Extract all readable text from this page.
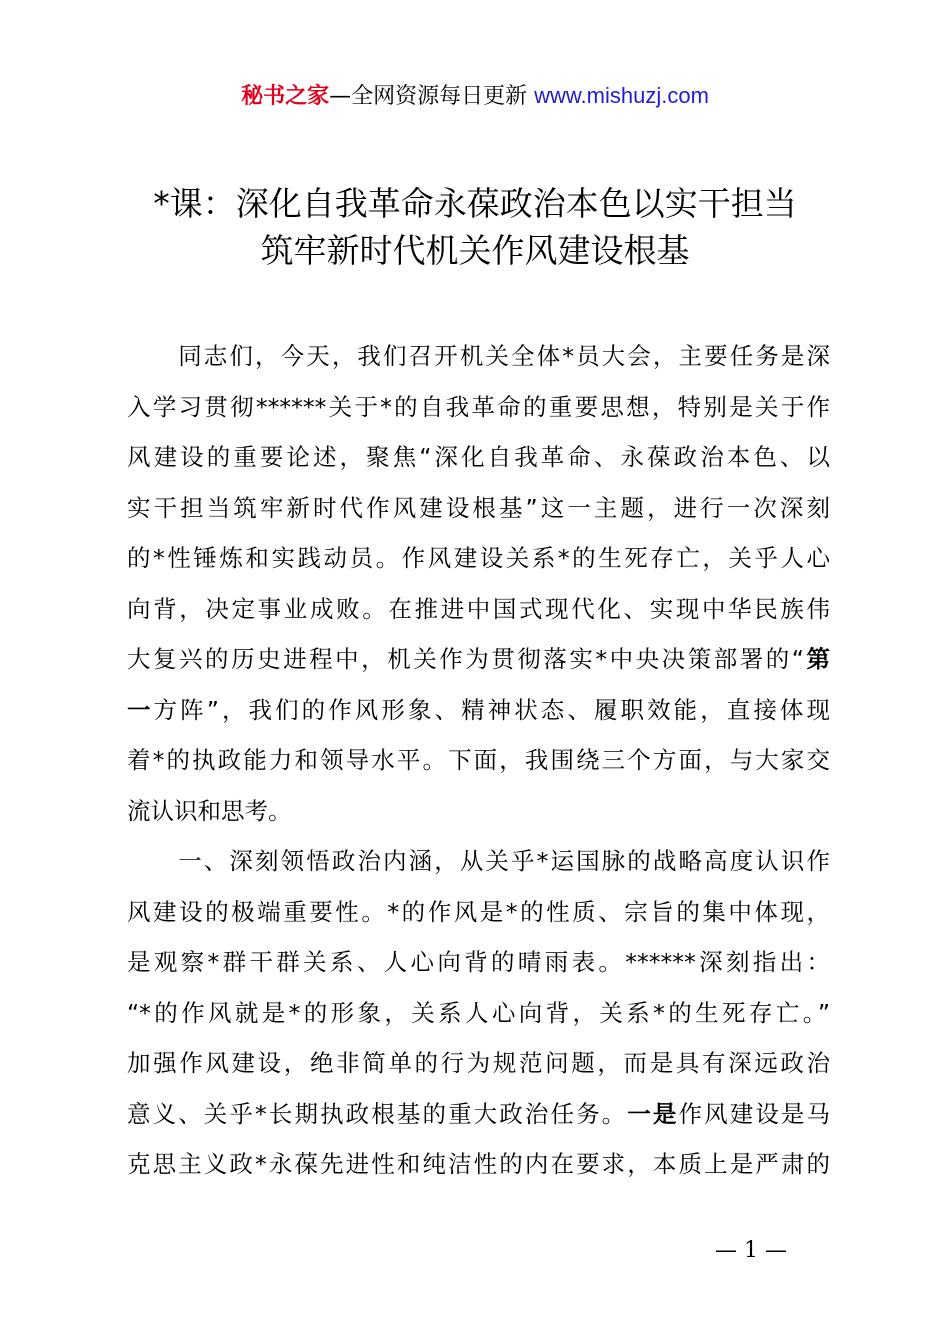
秘书之家—全网资源每日更新 www.mishuzj.com
*课：深化自我革命永葆政治本色以实干担当
筑牢新时代机关作风建设根基
　　同志们，今天，我们召开机关全体*员大会，主要任务是深
入学习贯彻******关于*的自我革命的重要思想，特别是关于作
风建设的重要论述，聚焦“深化自我革命、永葆政治本色、以
实干担当筑牢新时代作风建设根基”这一主题，进行一次深刻
的*性锤炼和实践动员。作风建设关系*的生死存亡，关乎人心
向背，决定事业成败。在推进中国式现代化、实现中华民族伟
大复兴的历史进程中，机关作为贯彻落实*中央决策部署的“第
一方阵”，我们的作风形象、精神状态、履职效能，直接体现
着*的执政能力和领导水平。下面，我围绕三个方面，与大家交
流认识和思考。
　　一、深刻领悟政治内涵，从关乎*运国脉的战略高度认识作
风建设的极端重要性。*的作风是*的性质、宗旨的集中体现，
是观察*群干群关系、人心向背的晴雨表。******深刻指出：
“*的作风就是*的形象，关系人心向背，关系*的生死存亡。”
加强作风建设，绝非简单的行为规范问题，而是具有深远政治
意义、关乎*长期执政根基的重大政治任务。一是作风建设是马
克思主义政*永葆先进性和纯洁性的内在要求，本质上是严肃的
— 1 —
